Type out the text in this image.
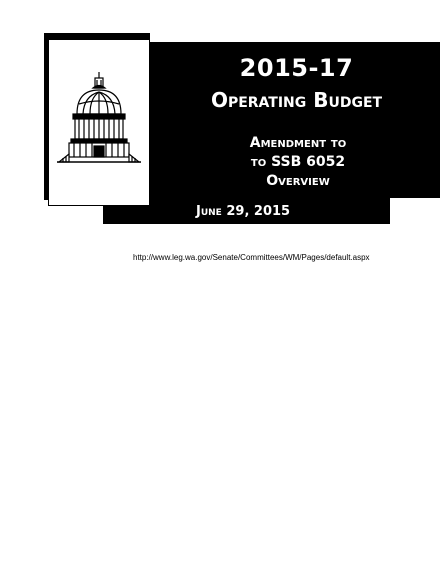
2015-17
Operating Budget
Amendment to
to SSB 6052
Overview
June 29, 2015
http://www.leg.wa.gov/Senate/Committees/WM/Pages/default.aspx
